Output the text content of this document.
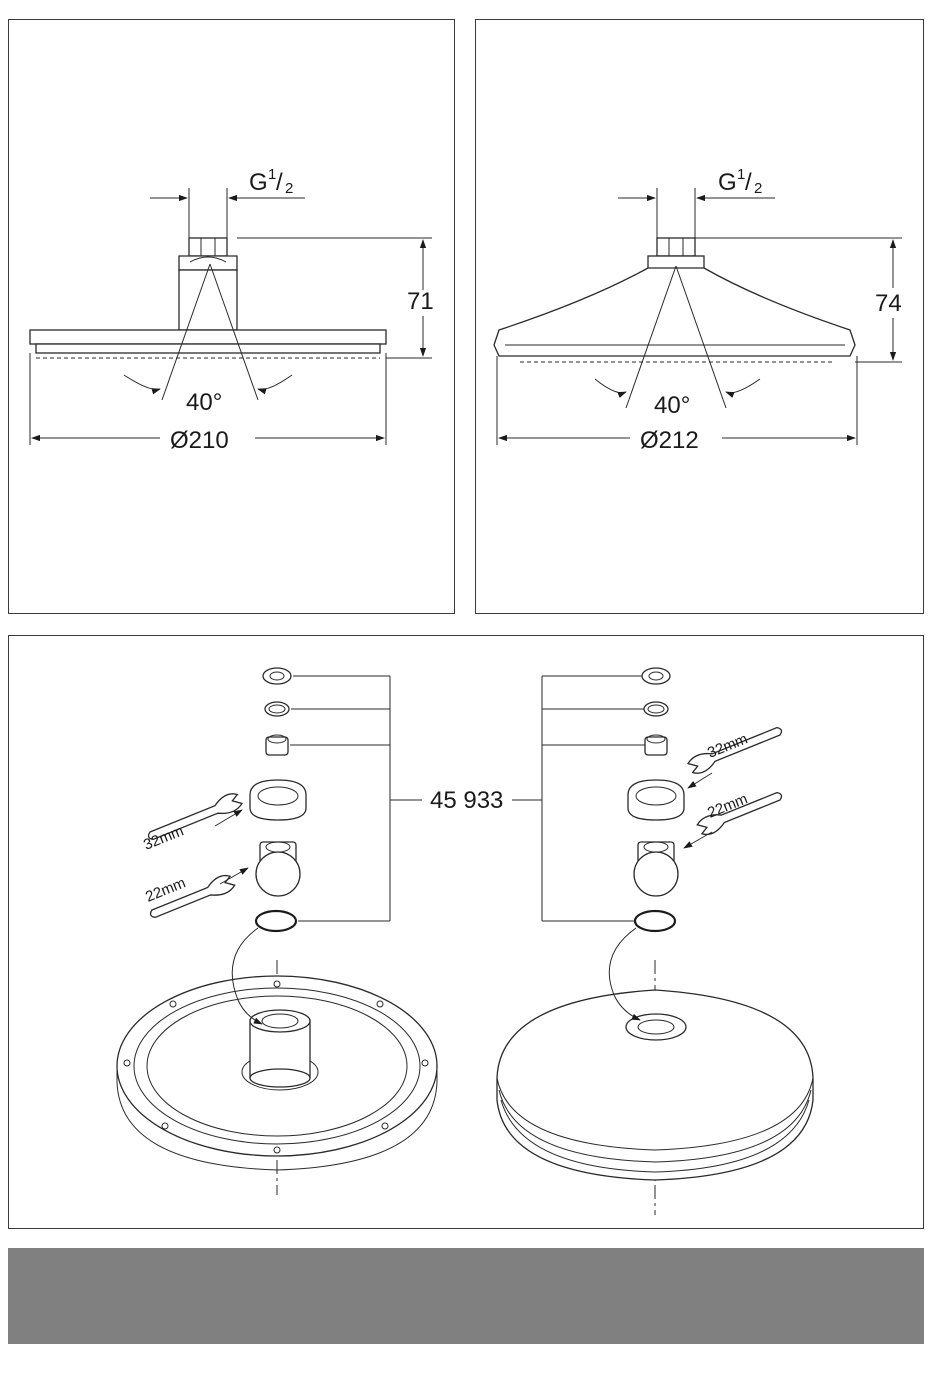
G 1 / 2
71
40°
Ø210
G 1 / 2
74
40°
Ø212
45 933
32mm
22mm
32mm
22mm
